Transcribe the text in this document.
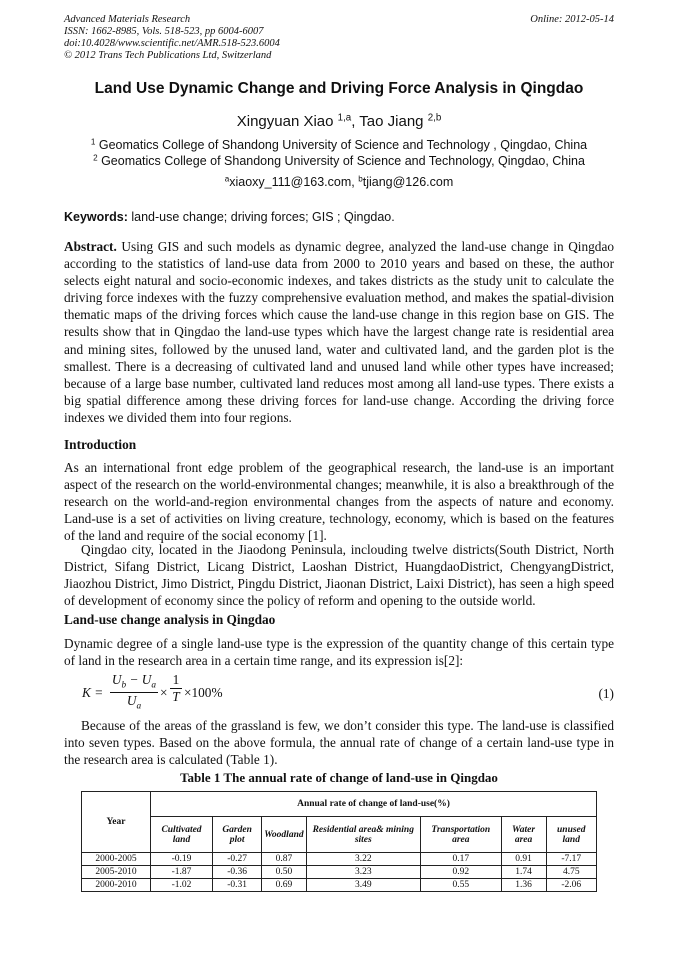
Advanced Materials Research
ISSN: 1662-8985, Vols. 518-523, pp 6004-6007
doi:10.4028/www.scientific.net/AMR.518-523.6004
© 2012 Trans Tech Publications Ltd, Switzerland
Online: 2012-05-14
Land Use Dynamic Change and Driving Force Analysis in Qingdao
Xingyuan Xiao $^{1,a}$, Tao Jiang $^{2,b}$
$^1$ Geomatics College of Shandong University of Science and Technology , Qingdao, China
$^2$ Geomatics College of Shandong University of Science and Technology, Qingdao, China
$^a$xiaoxy_111@163.com, $^b$tjiang@126.com
Keywords: land-use change; driving forces; GIS ; Qingdao.
Abstract. Using GIS and such models as dynamic degree, analyzed the land-use change in Qingdao according to the statistics of land-use data from 2000 to 2010 years and based on these, the author selects eight natural and socio-economic indexes, and takes districts as the study unit to calculate the driving force indexes with the fuzzy comprehensive evaluation method, and makes the spatial-division thematic maps of the driving forces which cause the land-use change in this region base on GIS. The results show that in Qingdao the land-use types which have the largest change rate is residential area and mining sites, followed by the unused land, water and cultivated land, and the garden plot is the smallest. There is a decreasing of cultivated land and unused land while other types have increased; because of a large base number, cultivated land reduces most among all land-use types. There exists a big spatial difference among these driving forces for land-use change. According the driving force indexes we divided them into four regions.
Introduction
As an international front edge problem of the geographical research, the land-use is an important aspect of the research on the world-environmental changes; meanwhile, it is also a breakthrough of the research on the world-and-region environmental changes from the aspects of nature and economy. Land-use is a set of activities on living creature, technology, economy, which is based on the features of the land and require of the social economy [1].
Qingdao city, located in the Jiaodong Peninsula, inclouding twelve districts(South District, North District, Sifang District, Licang District, Laoshan District, HuangdaoDistrict, ChengyangDistrict, Jiaozhou District, Jimo District, Pingdu District, Jiaonan District, Laixi District), has seen a high speed of development of economy since the policy of reform and opening to the outside world.
Land-use change analysis in Qingdao
Dynamic degree of a single land-use type is the expression of the quantity change of this certain type of land in the research area in a certain time range, and its expression is[2]:
$K = \frac{U_b - U_a}{U_a}$ ×
1
T ×100%	(1)
Because of the areas of the grassland is few, we don’t consider this type. The land-use is classified into seven types. Based on the above formula, the annual rate of change of a certain land-use type in the research area is calculated (Table 1).
Table 1 The annual rate of change of land-use in Qingdao
Year	Annual rate of change of land-use(%)						
	Cultivated land	Garden plot	Woodland	Residential area& mining sites	Transportation area	Water area	unused land
2000-2005	-0.19	-0.27	0.87	3.22	0.17	0.91	-7.17
2005-2010	-1.87	-0.36	0.50	3.23	0.92	1.74	4.75
2000-2010	-1.02	-0.31	0.69	3.49	0.55	1.36	-2.06
